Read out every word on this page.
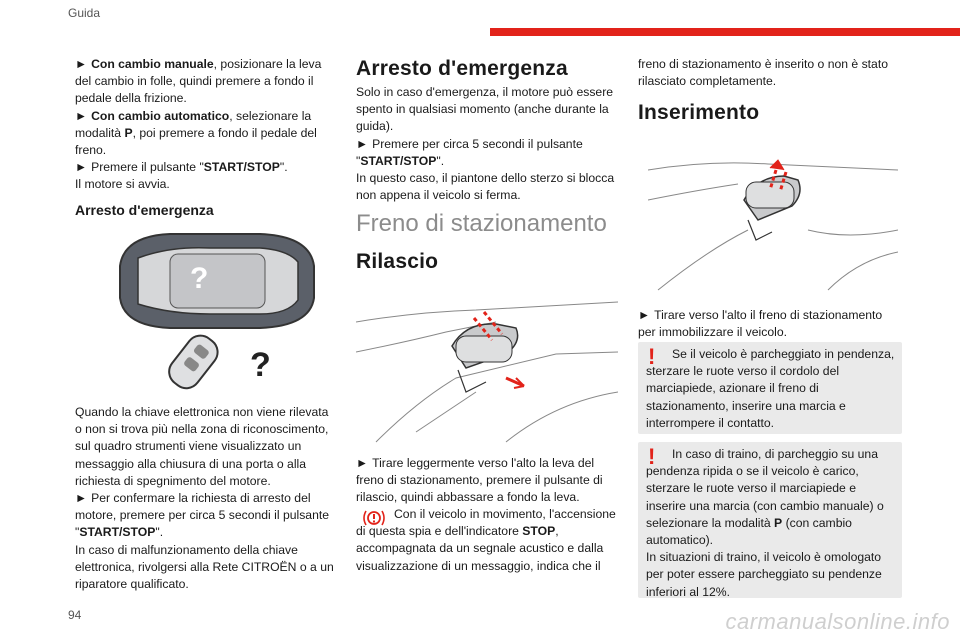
Guida

► Con cambio manuale, posizionare la leva del cambio in folle, quindi premere a fondo il pedale della frizione.

► Con cambio automatico, selezionare la modalità P, poi premere a fondo il pedale del freno.

► Premere il pulsante "START/STOP".

Il motore si avvia.

Arresto d'emergenza
?
?

Quando la chiave elettronica non viene rilevata o non si trova più nella zona di riconoscimento, sul quadro strumenti viene visualizzato un messaggio alla chiusura di una porta o alla richiesta di spegnimento del motore.

► Per confermare la richiesta di arresto del motore, premere per circa 5 secondi il pulsante "START/STOP".

In caso di malfunzionamento della chiave elettronica, rivolgersi alla Rete CITROËN o a un riparatore qualificato.

Arresto d'emergenza

Solo in caso d'emergenza, il motore può essere spento in qualsiasi momento (anche durante la guida).

► Premere per circa 5 secondi il pulsante "START/STOP".

In questo caso, il piantone dello sterzo si blocca non appena il veicolo si ferma.

Freno di stazionamento
Rilascio

► Tirare leggermente verso l'alto la leva del freno di stazionamento, premere il pulsante di rilascio, quindi abbassare a fondo la leva.

Con il veicolo in movimento, l'accensione di questa spia e dell'indicatore STOP, accompagnata da un segnale acustico e dalla visualizzazione di un messaggio, indica che il

freno di stazionamento è inserito o non è stato rilasciato completamente.

Inserimento

► Tirare verso l'alto il freno di stazionamento per immobilizzare il veicolo.

!	Se il veicolo è parcheggiato in pendenza, sterzare le ruote verso il cordolo del marciapiede, azionare il freno di stazionamento, inserire una marcia e interrompere il contatto.
!	In caso di traino, di parcheggio su una pendenza ripida o se il veicolo è carico, sterzare le ruote verso il marciapiede e inserire una marcia (con cambio manuale) o selezionare la modalità P (con cambio automatico).

In situazioni di traino, il veicolo è omologato per poter essere parcheggiato su pendenze inferiori al 12%.

94	carmanualsonline.info
